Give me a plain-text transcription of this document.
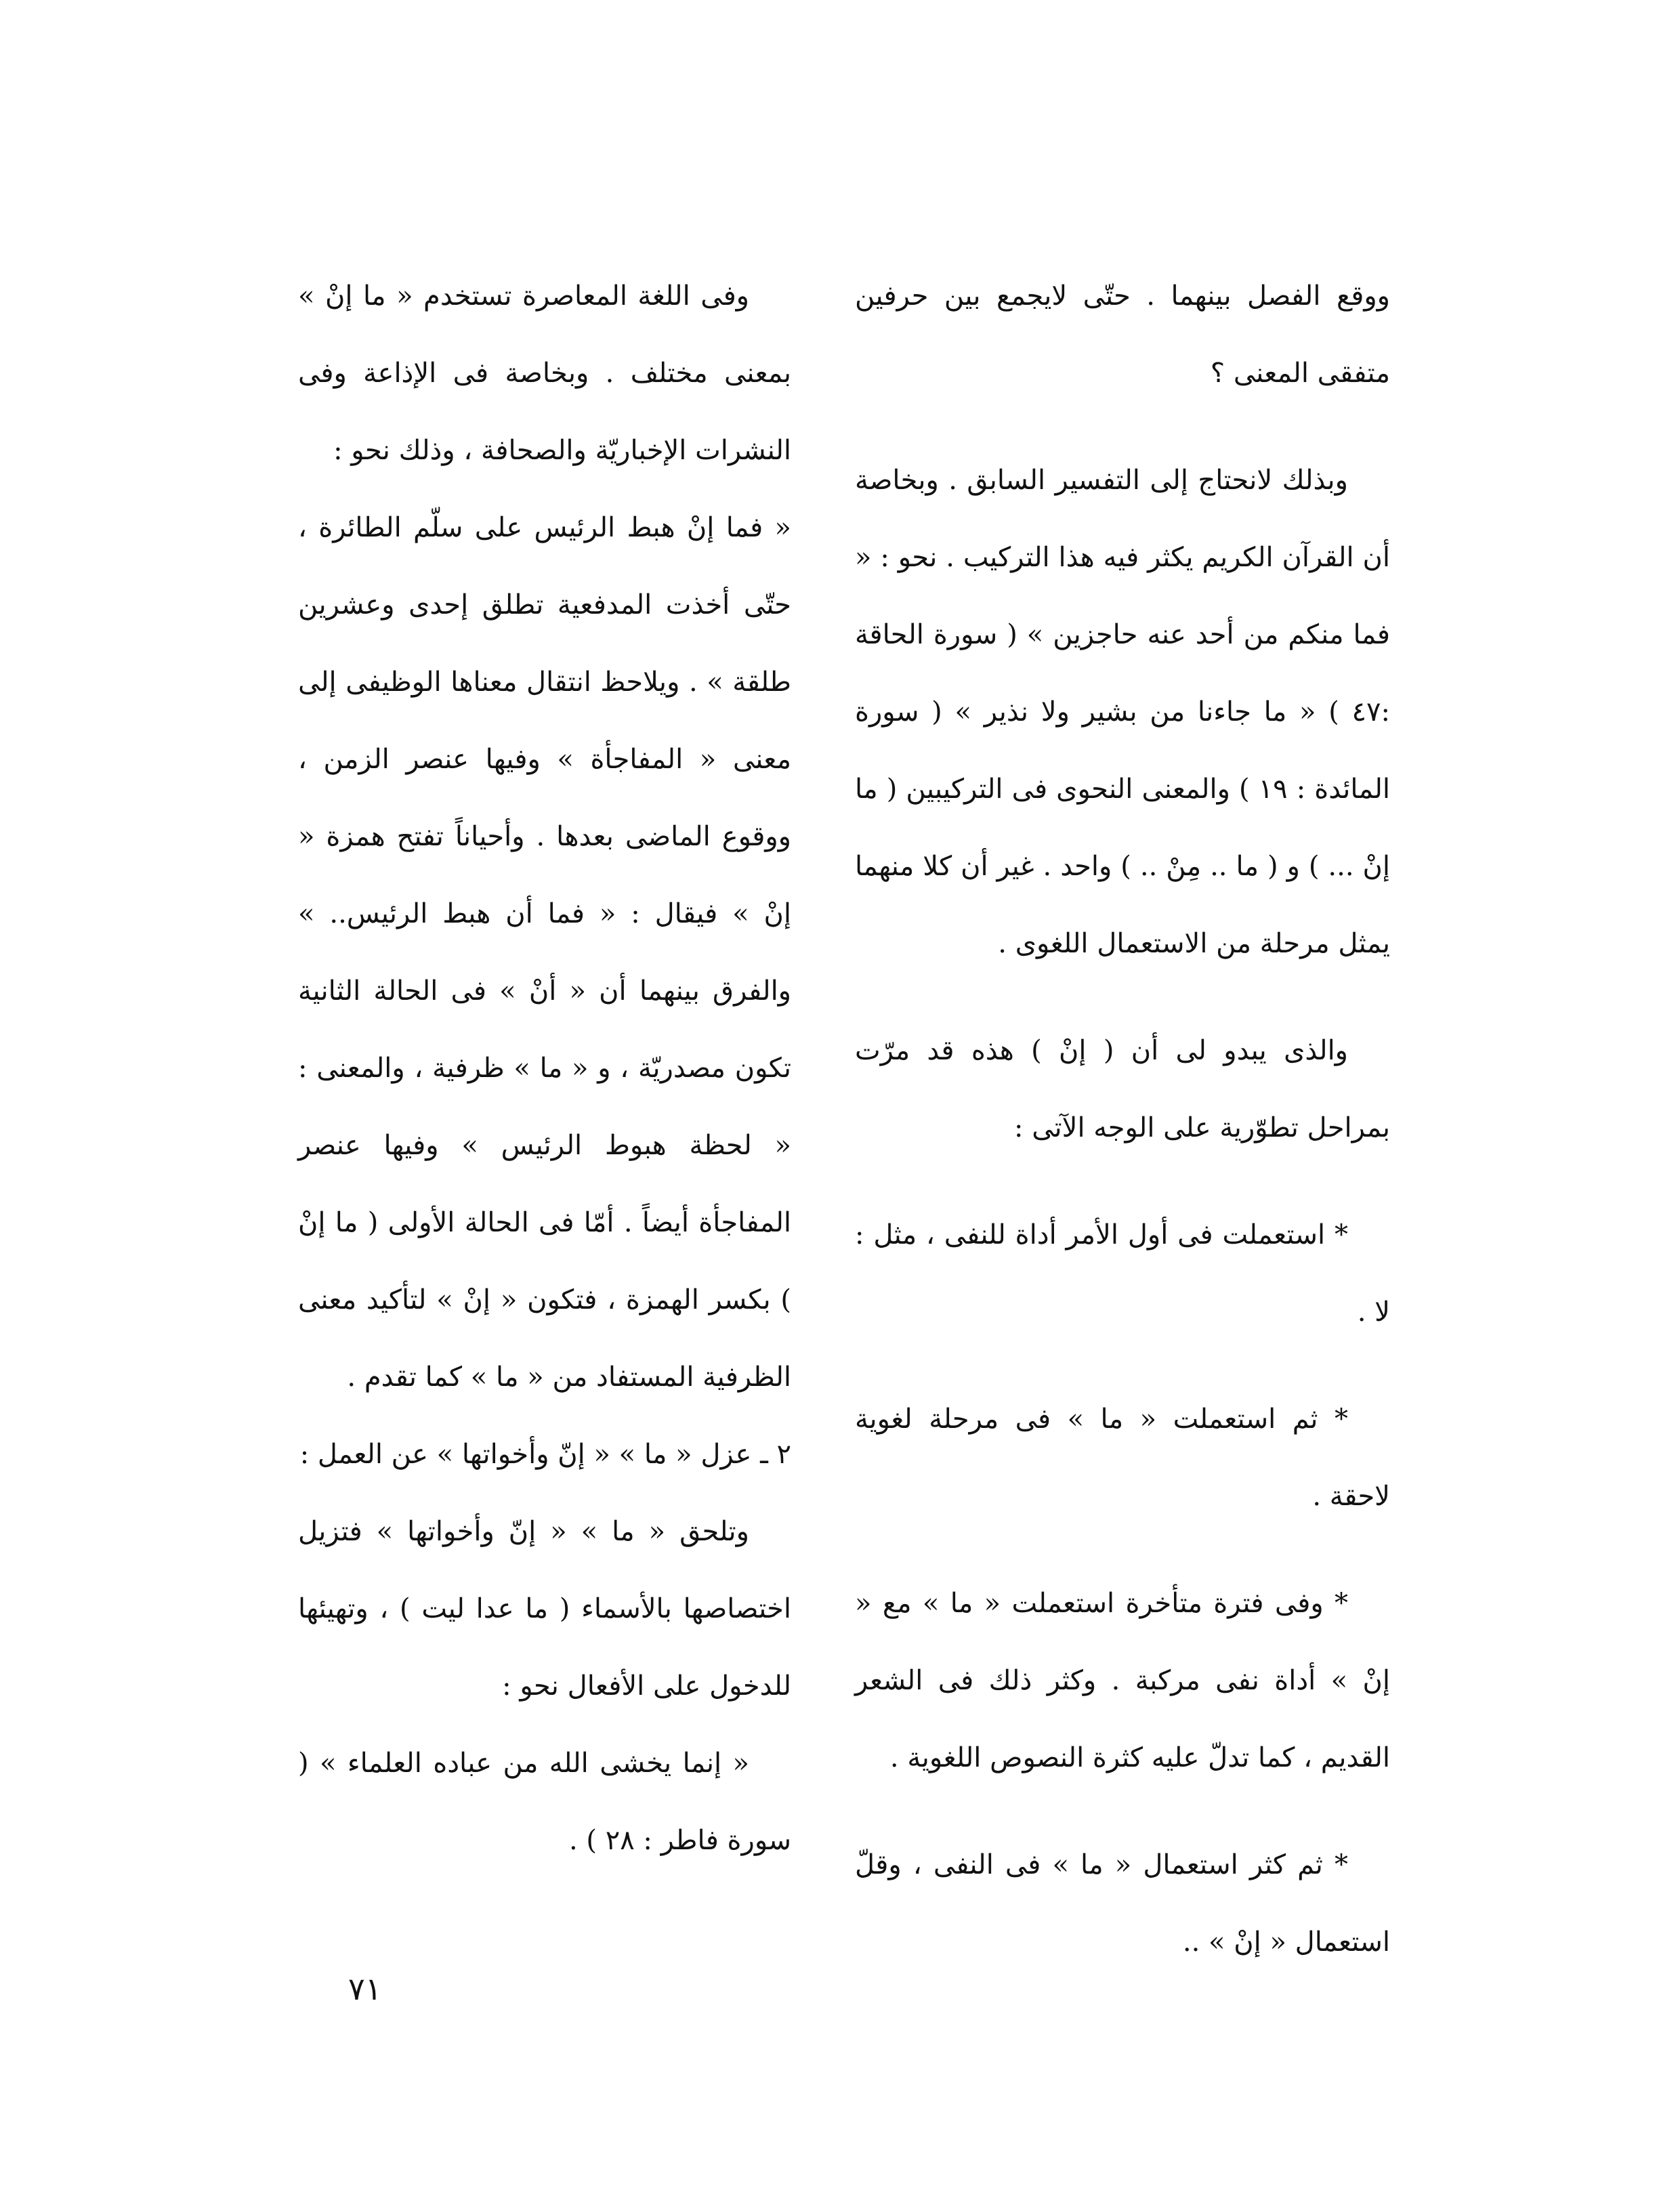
ووقع الفصل بينهما . حتّى لايجمع بين حرفين متفقى المعنى ؟

وبذلك لانحتاج إلى التفسير السابق . وبخاصة أن القرآن الكريم يكثر فيه هذا التركيب . نحو : « فما منكم من أحد عنه حاجزين » ( سورة الحاقة :٤٧ ) « ما جاءنا من بشير ولا نذير » ( سورة المائدة : ١٩ ) والمعنى النحوى فى التركيبين ( ما إنْ ... ) و ( ما .. مِنْ .. ) واحد . غير أن كلا منهما يمثل مرحلة من الاستعمال اللغوى .

والذى يبدو لى أن ( إنْ ) هذه قد مرّت بمراحل تطوّرية على الوجه الآتى :

* استعملت فى أول الأمر أداة للنفى ، مثل : لا .

* ثم استعملت « ما » فى مرحلة لغوية لاحقة .

* وفى فترة متأخرة استعملت « ما » مع « إنْ » أداة نفى مركبة . وكثر ذلك فى الشعر القديم ، كما تدلّ عليه كثرة النصوص اللغوية .

* ثم كثر استعمال « ما » فى النفى ، وقلّ استعمال « إنْ » ..

وفى اللغة المعاصرة تستخدم « ما إنْ » بمعنى مختلف . وبخاصة فى الإذاعة وفى النشرات الإخباريّة والصحافة ، وذلك نحو :

« فما إنْ هبط الرئيس على سلّم الطائرة ، حتّى أخذت المدفعية تطلق إحدى وعشرين طلقة » . ويلاحظ انتقال معناها الوظيفى إلى معنى « المفاجأة » وفيها عنصر الزمن ، ووقوع الماضى بعدها . وأحياناً تفتح همزة « إنْ » فيقال : « فما أن هبط الرئيس.. » والفرق بينهما أن « أنْ » فى الحالة الثانية تكون مصدريّة ، و « ما » ظرفية ، والمعنى : « لحظة هبوط الرئيس » وفيها عنصر المفاجأة أيضاً . أمّا فى الحالة الأولى ( ما إنْ ) بكسر الهمزة ، فتكون « إنْ » لتأكيد معنى الظرفية المستفاد من « ما » كما تقدم .

٢ ـ عزل « ما » « إنّ وأخواتها » عن العمل :

وتلحق « ما » « إنّ وأخواتها » فتزيل اختصاصها بالأسماء ( ما عدا ليت ) ، وتهيئها للدخول على الأفعال نحو :

« إنما يخشى الله من عباده العلماء » ( سورة فاطر : ٢٨ ) .

٧١
